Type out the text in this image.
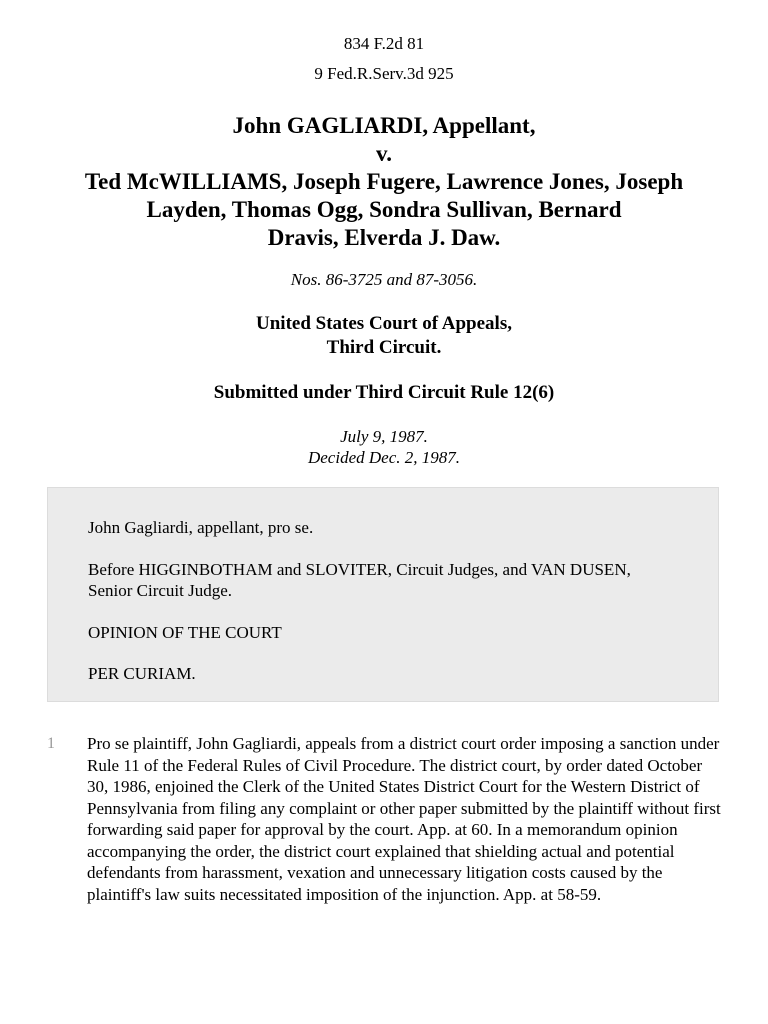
834 F.2d 81
9 Fed.R.Serv.3d 925
John GAGLIARDI, Appellant,
v.
Ted McWILLIAMS, Joseph Fugere, Lawrence Jones, Joseph
Layden, Thomas Ogg, Sondra Sullivan, Bernard
Dravis, Elverda J. Daw.
Nos. 86-3725 and 87-3056.
United States Court of Appeals,
Third Circuit.
Submitted under Third Circuit Rule 12(6)
July 9, 1987.
Decided Dec. 2, 1987.

John Gagliardi, appellant, pro se.

Before HIGGINBOTHAM and SLOVITER, Circuit Judges, and VAN DUSEN, Senior Circuit Judge.

OPINION OF THE COURT

PER CURIAM.

1 Pro se plaintiff, John Gagliardi, appeals from a district court order imposing a sanction under Rule 11 of the Federal Rules of Civil Procedure. The district court, by order dated October 30, 1986, enjoined the Clerk of the United States District Court for the Western District of Pennsylvania from filing any complaint or other paper submitted by the plaintiff without first forwarding said paper for approval by the court. App. at 60. In a memorandum opinion accompanying the order, the district court explained that shielding actual and potential defendants from harassment, vexation and unnecessary litigation costs caused by the plaintiff's law suits necessitated imposition of the injunction. App. at 58-59.
